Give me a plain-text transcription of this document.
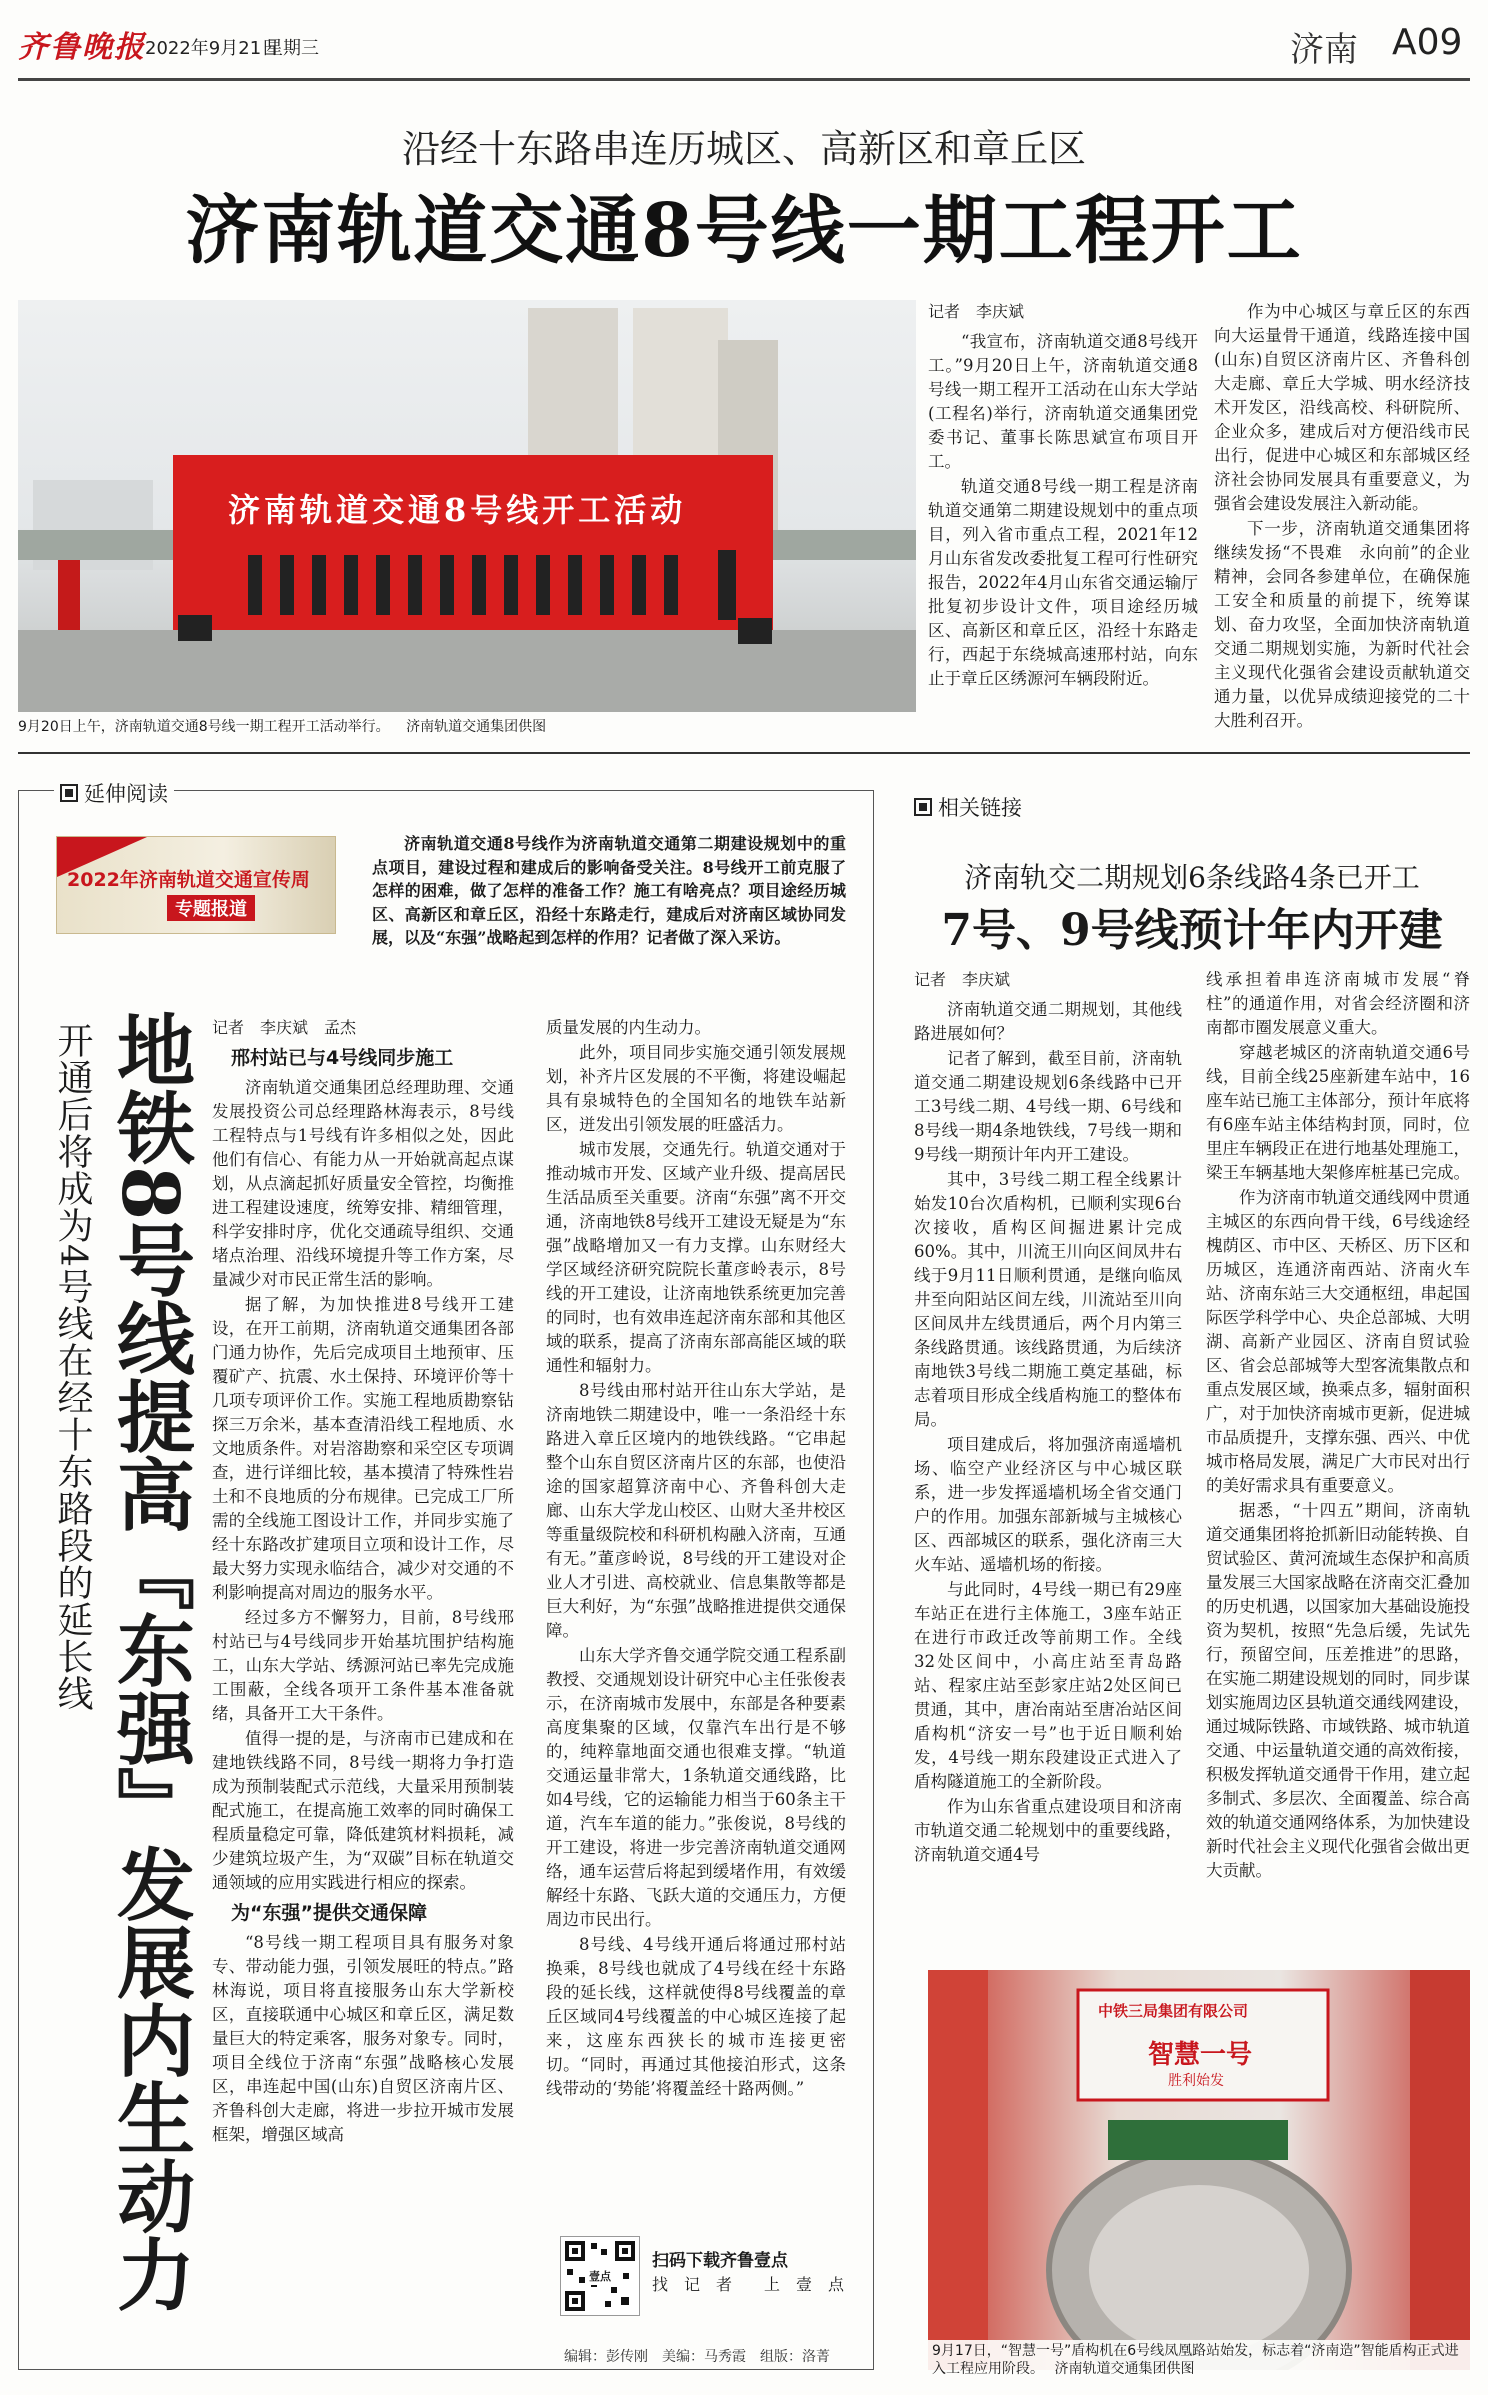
齐鲁晚报 2022年9月21日
星期三	济南 A09
沿经十东路串连历城区、高新区和章丘区
济南轨道交通8号线一期工程开工
济南轨道交通8号线开工活动
9月20日上午，济南轨道交通8号线一期工程开工活动举行。 济南轨道交通集团供图
记者　李庆斌

“我宣布，济南轨道交通8号线开工。”9月20日上午，济南轨道交通8号线一期工程开工活动在山东大学站(工程名)举行，济南轨道交通集团党委书记、董事长陈思斌宣布项目开工。

轨道交通8号线一期工程是济南轨道交通第二期建设规划中的重点项目，列入省市重点工程，2021年12月山东省发改委批复工程可行性研究报告，2022年4月山东省交通运输厅批复初步设计文件，项目途经历城区、高新区和章丘区，沿经十东路走行，西起于东绕城高速邢村站，向东止于章丘区绣源河车辆段附近。

作为中心城区与章丘区的东西向大运量骨干通道，线路连接中国(山东)自贸区济南片区、齐鲁科创大走廊、章丘大学城、明水经济技术开发区，沿线高校、科研院所、企业众多，建成后对方便沿线市民出行，促进中心城区和东部城区经济社会协同发展具有重要意义，为强省会建设发展注入新动能。

下一步，济南轨道交通集团将继续发扬“不畏难　永向前”的企业精神，会同各参建单位，在确保施工安全和质量的前提下，统筹谋划、奋力攻坚，全面加快济南轨道交通二期规划实施，为新时代社会主义现代化强省会建设贡献轨道交通力量，以优异成绩迎接党的二十大胜利召开。

延伸阅读
2022年济南轨道交通宣传周
专题报道
济南轨道交通8号线作为济南轨道交通第二期建设规划中的重点项目，建设过程和建成后的影响备受关注。8号线开工前克服了怎样的困难，做了怎样的准备工作？施工有啥亮点？项目途经历城区、高新区和章丘区，沿经十东路走行，建成后对济南区域协同发展，以及“东强”战略起到怎样的作用？记者做了深入采访。
开通后将成为4号线在经十东路段的延长线 地铁8号线提高『东强』发展内生动力 记者　李庆斌　孟杰
邢村站已与4号线同步施工

济南轨道交通集团总经理助理、交通发展投资公司总经理路林海表示，8号线工程特点与1号线有许多相似之处，因此他们有信心、有能力从一开始就高起点谋划，从点滴起抓好质量安全管控，均衡推进工程建设速度，统筹安排、精细管理，科学安排时序，优化交通疏导组织、交通堵点治理、沿线环境提升等工作方案，尽量减少对市民正常生活的影响。

据了解，为加快推进8号线开工建设，在开工前期，济南轨道交通集团各部门通力协作，先后完成项目土地预审、压覆矿产、抗震、水土保持、环境评价等十几项专项评价工作。实施工程地质勘察钻探三万余米，基本查清沿线工程地质、水文地质条件。对岩溶勘察和采空区专项调查，进行详细比较，基本摸清了特殊性岩土和不良地质的分布规律。已完成工厂所需的全线施工图设计工作，并同步实施了经十东路改扩建项目立项和设计工作，尽最大努力实现永临结合，减少对交通的不利影响提高对周边的服务水平。

经过多方不懈努力，目前，8号线邢村站已与4号线同步开始基坑围护结构施工，山东大学站、绣源河站已率先完成施工围蔽，全线各项开工条件基本准备就绪，具备开工大干条件。

值得一提的是，与济南市已建成和在建地铁线路不同，8号线一期将力争打造成为预制装配式示范线，大量采用预制装配式施工，在提高施工效率的同时确保工程质量稳定可靠，降低建筑材料损耗，减少建筑垃圾产生，为“双碳”目标在轨道交通领域的应用实践进行相应的探索。

为“东强”提供交通保障

“8号线一期工程项目具有服务对象专、带动能力强，引领发展旺的特点。”路林海说，项目将直接服务山东大学新校区，直接联通中心城区和章丘区，满足数量巨大的特定乘客，服务对象专。同时，项目全线位于济南“东强”战略核心发展区，串连起中国(山东)自贸区济南片区、齐鲁科创大走廊，将进一步拉开城市发展框架，增强区域高

质量发展的内生动力。

此外，项目同步实施交通引领发展规划，补齐片区发展的不平衡，将建设崛起具有泉城特色的全国知名的地铁车站新区，迸发出引领发展的旺盛活力。

城市发展，交通先行。轨道交通对于推动城市开发、区域产业升级、提高居民生活品质至关重要。济南“东强”离不开交通，济南地铁8号线开工建设无疑是为“东强”战略增加又一有力支撑。山东财经大学区域经济研究院院长董彦岭表示，8号线的开工建设，让济南地铁系统更加完善的同时，也有效串连起济南东部和其他区域的联系，提高了济南东部高能区域的联通性和辐射力。

8号线由邢村站开往山东大学站，是济南地铁二期建设中，唯一一条沿经十东路进入章丘区境内的地铁线路。“它串起整个山东自贸区济南片区的东部，也使沿途的国家超算济南中心、齐鲁科创大走廊、山东大学龙山校区、山财大圣井校区等重量级院校和科研机构融入济南，互通有无。”董彦岭说，8号线的开工建设对企业人才引进、高校就业、信息集散等都是巨大利好，为“东强”战略推进提供交通保障。

山东大学齐鲁交通学院交通工程系副教授、交通规划设计研究中心主任张俊表示，在济南城市发展中，东部是各种要素高度集聚的区域，仅靠汽车出行是不够的，纯粹靠地面交通也很难支撑。“轨道交通运量非常大，1条轨道交通线路，比如4号线，它的运输能力相当于60条主干道，汽车车道的能力。”张俊说，8号线的开工建设，将进一步完善济南轨道交通网络，通车运营后将起到缓堵作用，有效缓解经十东路、飞跃大道的交通压力，方便周边市民出行。

8号线、4号线开通后将通过邢村站换乘，8号线也就成了4号线在经十东路段的延长线，这样就使得8号线覆盖的章丘区域同4号线覆盖的中心城区连接了起来，这座东西狭长的城市连接更密切。“同时，再通过其他接泊形式，这条线带动的‘势能’将覆盖经十路两侧。”

壹点
扫码下载齐鲁壹点
找　记　者　　上　壹　点
编辑：彭传刚　美编：马秀霞　组版：洛菁
相关链接
济南轨交二期规划6条线路4条已开工
7号、9号线预计年内开建
记者　李庆斌

济南轨道交通二期规划，其他线路进展如何？

记者了解到，截至目前，济南轨道交通二期建设规划6条线路中已开工3号线二期、4号线一期、6号线和8号线一期4条地铁线，7号线一期和9号线一期预计年内开工建设。

其中，3号线二期工程全线累计始发10台次盾构机，已顺利实现6台次接收，盾构区间掘进累计完成60%。其中，川流王川向区间凤井右线于9月11日顺利贯通，是继向临凤井至向阳站区间左线，川流站至川向区间凤井左线贯通后，两个月内第三条线路贯通。该线路贯通，为后续济南地铁3号线二期施工奠定基础，标志着项目形成全线盾构施工的整体布局。

项目建成后，将加强济南遥墙机场、临空产业经济区与中心城区联系，进一步发挥遥墙机场全省交通门户的作用。加强东部新城与主城核心区、西部城区的联系，强化济南三大火车站、遥墙机场的衔接。

与此同时，4号线一期已有29座车站正在进行主体施工，3座车站正在进行市政迁改等前期工作。全线32处区间中，小高庄站至青岛路站、程家庄站至彭家庄站2处区间已贯通，其中，唐冶南站至唐冶站区间盾构机“济安一号”也于近日顺利始发，4号线一期东段建设正式进入了盾构隧道施工的全新阶段。

作为山东省重点建设项目和济南市轨道交通二轮规划中的重要线路，济南轨道交通4号

线承担着串连济南城市发展“脊柱”的通道作用，对省会经济圈和济南都市圈发展意义重大。

穿越老城区的济南轨道交通6号线，目前全线25座新建车站中，16座车站已施工主体部分，预计年底将有6座车站主体结构封顶，同时，位里庄车辆段正在进行地基处理施工，梁王车辆基地大架修库桩基已完成。

作为济南市轨道交通线网中贯通主城区的东西向骨干线，6号线途经槐荫区、市中区、天桥区、历下区和历城区，连通济南西站、济南火车站、济南东站三大交通枢纽，串起国际医学科学中心、央企总部城、大明湖、高新产业园区、济南自贸试验区、省会总部城等大型客流集散点和重点发展区域，换乘点多，辐射面积广，对于加快济南城市更新，促进城市品质提升，支撑东强、西兴、中优城市格局发展，满足广大市民对出行的美好需求具有重要意义。

据悉，“十四五”期间，济南轨道交通集团将抢抓新旧动能转换、自贸试验区、黄河流域生态保护和高质量发展三大国家战略在济南交汇叠加的历史机遇，以国家加大基础设施投资为契机，按照“先急后缓，先试先行，预留空间，压差推进”的思路，在实施二期建设规划的同时，同步谋划实施周边区县轨道交通线网建设，通过城际铁路、市域铁路、城市轨道交通、中运量轨道交通的高效衔接，积极发挥轨道交通骨干作用，建立起多制式、多层次、全面覆盖、综合高效的轨道交通网络体系，为加快建设新时代社会主义现代化强省会做出更大贡献。

中铁三局集团有限公司
智慧一号
胜利始发
9月17日，“智慧一号”盾构机在6号线凤凰路站始发，标志着“济南造”智能盾构正式进入工程应用阶段。 济南轨道交通集团供图
